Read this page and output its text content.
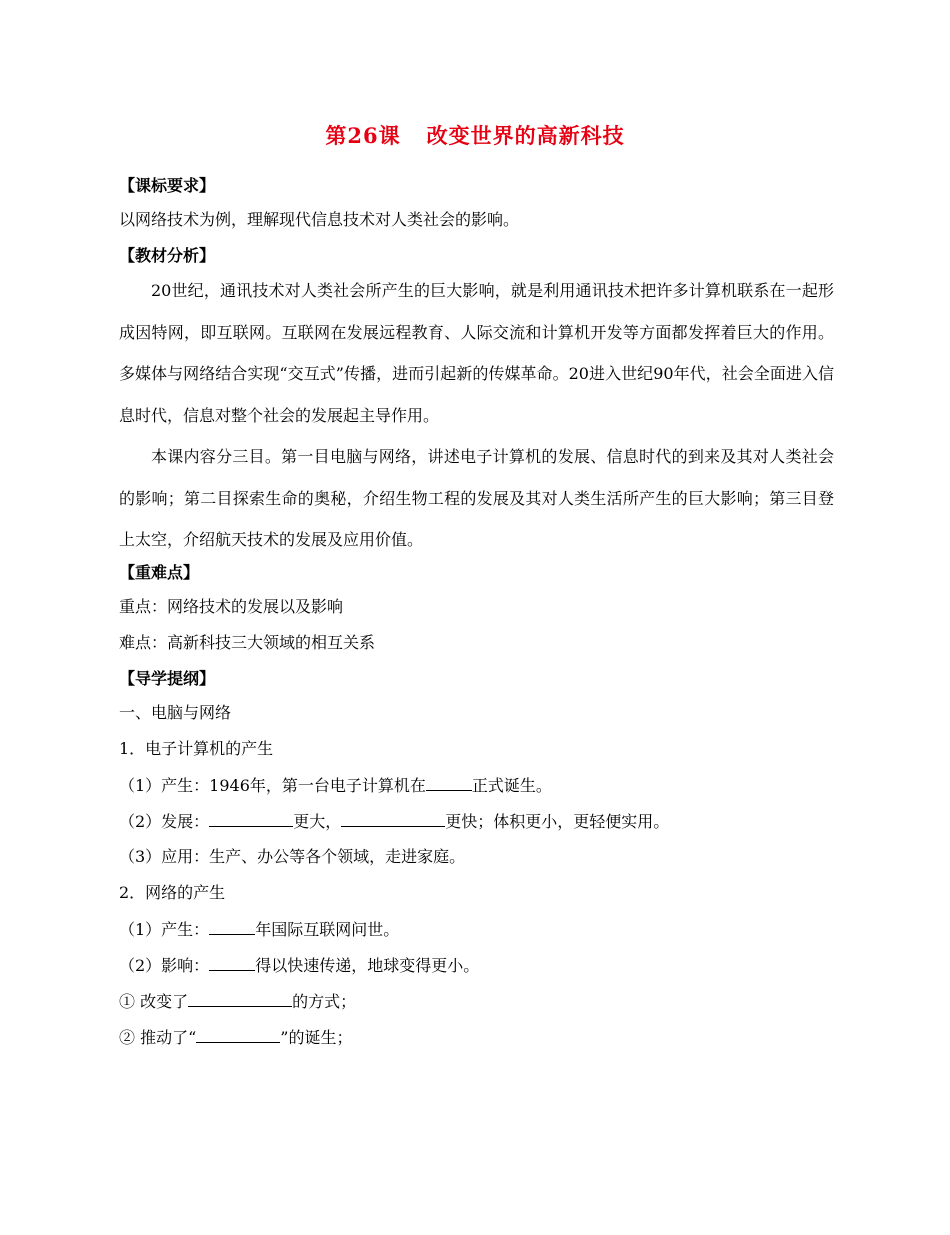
第26课 改变世界的高新科技

【课标要求】

以网络技术为例，理解现代信息技术对人类社会的影响。

【教材分析】

20世纪，通讯技术对人类社会所产生的巨大影响，就是利用通讯技术把许多计算机联系在一起形成因特网，即互联网。互联网在发展远程教育、人际交流和计算机开发等方面都发挥着巨大的作用。多媒体与网络结合实现“交互式”传播，进而引起新的传媒革命。20进入世纪90年代，社会全面进入信息时代，信息对整个社会的发展起主导作用。

本课内容分三目。第一目电脑与网络，讲述电子计算机的发展、信息时代的到来及其对人类社会的影响；第二目探索生命的奥秘，介绍生物工程的发展及其对人类生活所产生的巨大影响；第三目登上太空，介绍航天技术的发展及应用价值。

【重难点】

重点：网络技术的发展以及影响

难点：高新科技三大领域的相互关系

【导学提纲】

一、电脑与网络

1．电子计算机的产生

（1）产生：1946年，第一台电子计算机在	正式诞生。

（2）发展：	更大，	更快；体积更小，更轻便实用。

（3）应用：生产、办公等各个领域，走进家庭。

2．网络的产生

（1）产生：	年国际互联网问世。

（2）影响：	得以快速传递，地球变得更小。

① 改变了	的方式；

② 推动了“	”的诞生；
